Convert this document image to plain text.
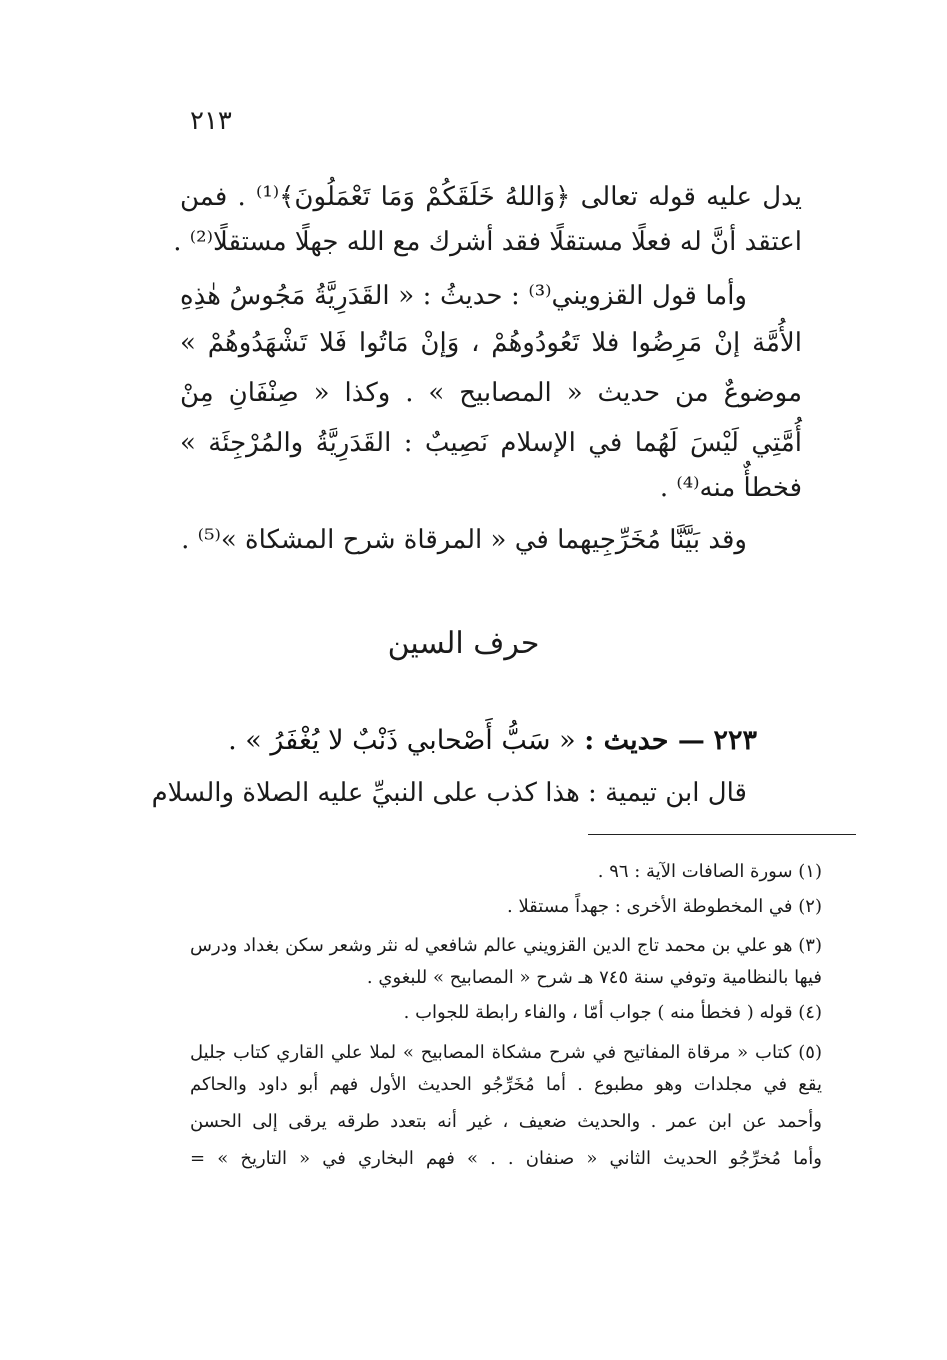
٢١٣
يدل عليه قوله تعالى ﴿وَاللهُ خَلَقَكُمْ وَمَا تَعْمَلُونَ﴾⁽¹⁾ . فمن
اعتقد أنَّ له فعلًا مستقلًا فقد أشرك مع الله جهلًا مستقلًا⁽²⁾ .
وأما قول القزويني⁽³⁾ : حديثُ : « القَدَرِيَّةُ مَجُوسُ هٰذِهِ
الأُمَّة إنْ مَرِضُوا فلا تَعُودُوهُمْ ، وَإنْ مَاتُوا فَلا تَشْهَدُوهُمْ »
موضوعٌ من حديث « المصابيح » . وكذا « صِنْفَانِ مِنْ
أُمَّتِي لَيْسَ لَهُما في الإسلام نَصِيبٌ : القَدَرِيَّةُ والمُرْجِئَة »
فخطأٌ منه⁽⁴⁾ .
وقد بَيَّنَّا مُخَرِّجِيهما في « المرقاة شرح المشكاة »⁽⁵⁾ .
حرف السين
٢٢٣ — حديث : « سَبُّ أَصْحابي ذَنْبٌ لا يُغْفَرُ » .
قال ابن تيمية : هذا كذب على النبيِّ عليه الصلاة والسلام
(١) سورة الصافات الآية : ٩٦ .
(٢) في المخطوطة الأخرى : جهداً مستقلا .
(٣) هو علي بن محمد تاج الدين القزويني عالم شافعي له نثر وشعر سكن بغداد ودرس
فيها بالنظامية وتوفي سنة ٧٤٥ هـ شرح « المصابيح » للبغوي .
(٤) قوله ( فخطأ منه ) جواب أمّا ، والفاء رابطة للجواب .
(٥) كتاب « مرقاة المفاتيح في شرح مشكاة المصابيح » لملا علي القاري كتاب جليل
يقع في مجلدات وهو مطبوع . أما مُخَرِّجُو الحديث الأول فهم أبو داود والحاكم
وأحمد عن ابن عمر . والحديث ضعيف ، غير أنه بتعدد طرقه يرقى إلى الحسن
وأما مُخرِّجُو الحديث الثاني « صنفان . . » فهم البخاري في « التاريخ » =
